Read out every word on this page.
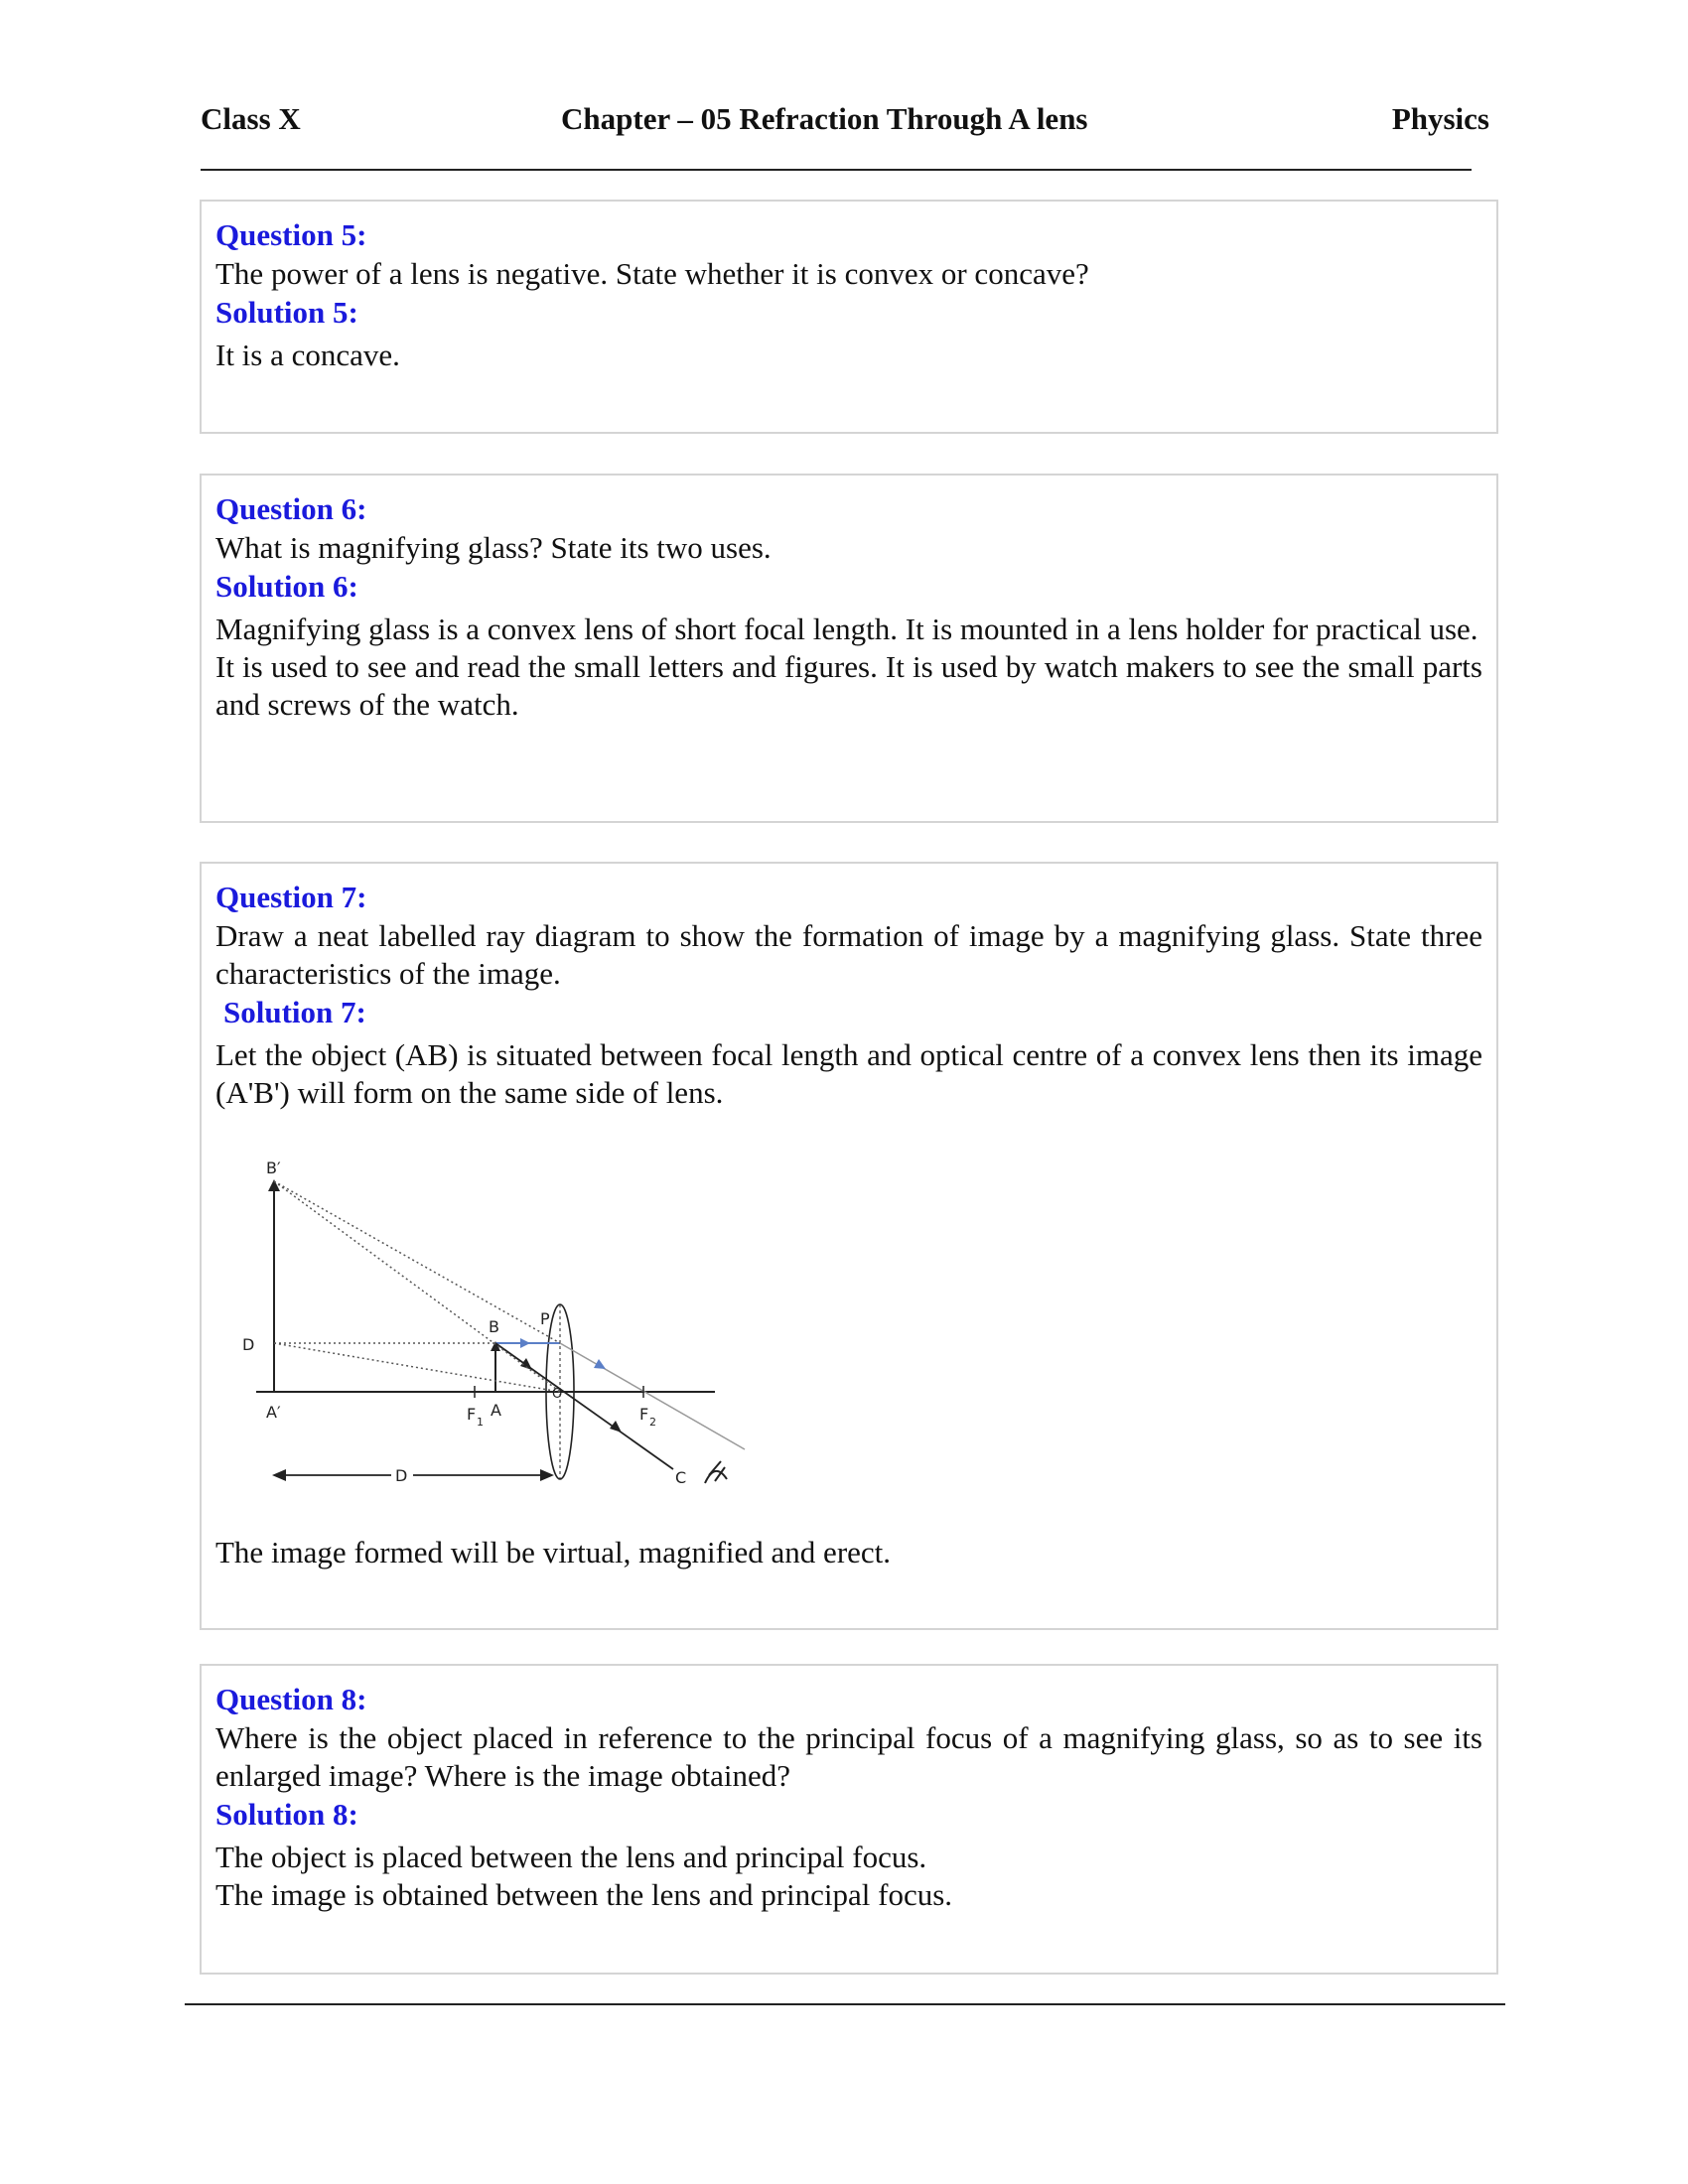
Class X	Chapter – 05 Refraction Through A lens	Physics
Question 5:
The power of a lens is negative. State whether it is convex or concave?
Solution 5:
It is a concave.
Question 6:
What is magnifying glass? State its two uses.
Solution 6:
Magnifying glass is a convex lens of short focal length. It is mounted in a lens holder for practical use.
It is used to see and read the small letters and figures. It is used by watch makers to see the small parts and screws of the watch.
Question 7:
Draw a neat labelled ray diagram to show the formation of image by a magnifying glass. State three characteristics of the image.
Solution 7:
Let the object (AB) is situated between focal length and optical centre of a convex lens then its image (A'B') will form on the same side of lens.
The image formed will be virtual, magnified and erect.
B′
D
A′
B	P
F 1
A
O
F 2
D	C
Question 8:
Where is the object placed in reference to the principal focus of a magnifying glass, so as to see its enlarged image? Where is the image obtained?
Solution 8:
The object is placed between the lens and principal focus.
The image is obtained between the lens and principal focus.
